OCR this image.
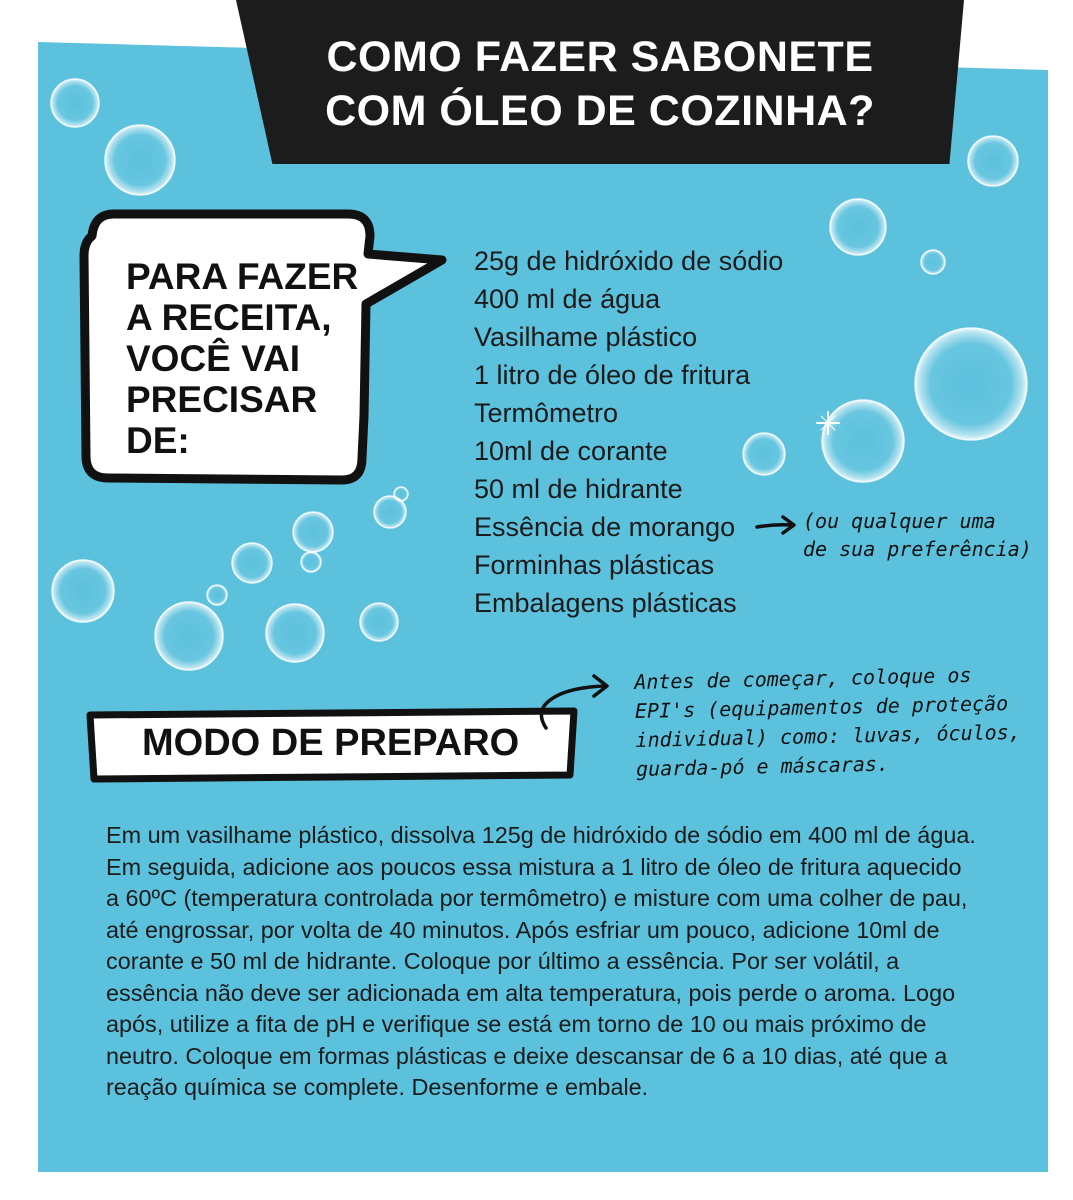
COMO FAZER SABONETE
COM ÓLEO DE COZINHA?

PARA FAZER
A RECEITA,
VOCÊ VAI
PRECISAR
DE:

25g de hidróxido de sódio
400 ml de água
Vasilhame plástico
1 litro de óleo de fritura
Termômetro
10ml de corante
50 ml de hidrante
Essência de morango
Forminhas plásticas
Embalagens plásticas

(ou qualquer uma
de sua preferência)

MODO DE PREPARO

Antes de começar, coloque os
EPI's (equipamentos de proteção
individual) como: luvas, óculos,
guarda-pó e máscaras.

Em um vasilhame plástico, dissolva 125g de hidróxido de sódio em 400 ml de água. Em seguida, adicione aos poucos essa mistura a 1 litro de óleo de fritura aquecido a 60ºC (temperatura controlada por termômetro) e misture com uma colher de pau, até engrossar, por volta de 40 minutos. Após esfriar um pouco, adicione 10ml de corante e 50 ml de hidrante. Coloque por último a essência. Por ser volátil, a essência não deve ser adicionada em alta temperatura, pois perde o aroma. Logo após, utilize a fita de pH e verifique se está em torno de 10 ou mais próximo de neutro. Coloque em formas plásticas e deixe descansar de 6 a 10 dias, até que a reação química se complete. Desenforme e embale.
